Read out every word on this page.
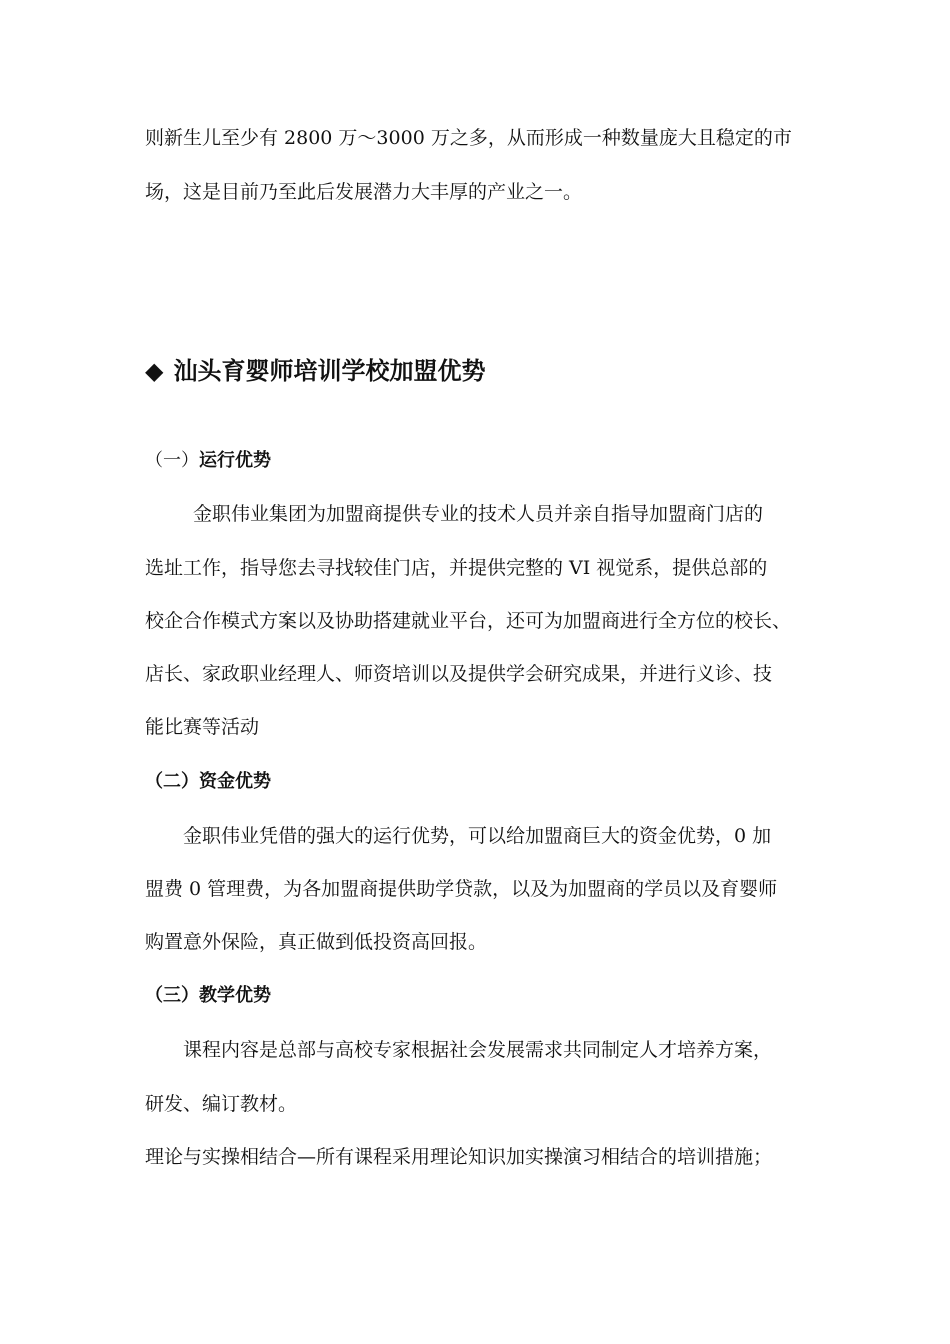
则新生儿至少有 2800 万～3000 万之多，从而形成一种数量庞大且稳定的市

场，这是目前乃至此后发展潜力大丰厚的产业之一。

◆ 汕头育婴师培训学校加盟优势
（一）运行优势

金职伟业集团为加盟商提供专业的技术人员并亲自指导加盟商门店的

选址工作，指导您去寻找较佳门店，并提供完整的 VI 视觉系，提供总部的

校企合作模式方案以及协助搭建就业平台，还可为加盟商进行全方位的校长、

店长、家政职业经理人、师资培训以及提供学会研究成果，并进行义诊、技

能比赛等活动

（二）资金优势

金职伟业凭借的强大的运行优势，可以给加盟商巨大的资金优势，0 加

盟费 0 管理费，为各加盟商提供助学贷款，以及为加盟商的学员以及育婴师

购置意外保险，真正做到低投资高回报。

（三）教学优势

课程内容是总部与高校专家根据社会发展需求共同制定人才培养方案，

研发、编订教材。

理论与实操相结合—所有课程采用理论知识加实操演习相结合的培训措施；
